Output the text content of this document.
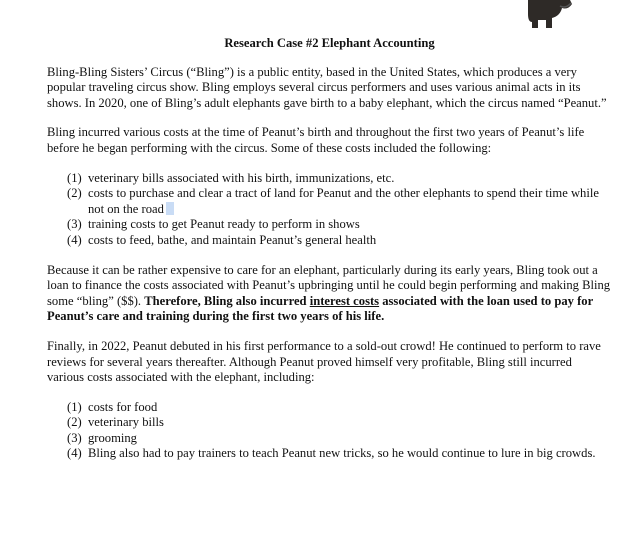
Research Case #2 Elephant Accounting

Bling-Bling Sisters’ Circus (“Bling”) is a public entity, based in the United States, which produces a very popular traveling circus show. Bling employs several circus performers and uses various animal acts in its shows. In 2020, one of Bling’s adult elephants gave birth to a baby elephant, which the circus named “Peanut.”

Bling incurred various costs at the time of Peanut’s birth and throughout the first two years of Peanut’s life before he began performing with the circus. Some of these costs included the following:

(1) veterinary bills associated with his birth, immunizations, etc.
(2) costs to purchase and clear a tract of land for Peanut and the other elephants to spend their time while not on the road
(3) training costs to get Peanut ready to perform in shows
(4) costs to feed, bathe, and maintain Peanut’s general health

Because it can be rather expensive to care for an elephant, particularly during its early years, Bling took out a loan to finance the costs associated with Peanut’s upbringing until he could begin performing and making Bling some “bling” ($$). Therefore, Bling also incurred interest costs associated with the loan used to pay for Peanut’s care and training during the first two years of his life.

Finally, in 2022, Peanut debuted in his first performance to a sold-out crowd! He continued to perform to rave reviews for several years thereafter. Although Peanut proved himself very profitable, Bling still incurred various costs associated with the elephant, including:

(1) costs for food
(2) veterinary bills
(3) grooming
(4) Bling also had to pay trainers to teach Peanut new tricks, so he would continue to lure in big crowds.
